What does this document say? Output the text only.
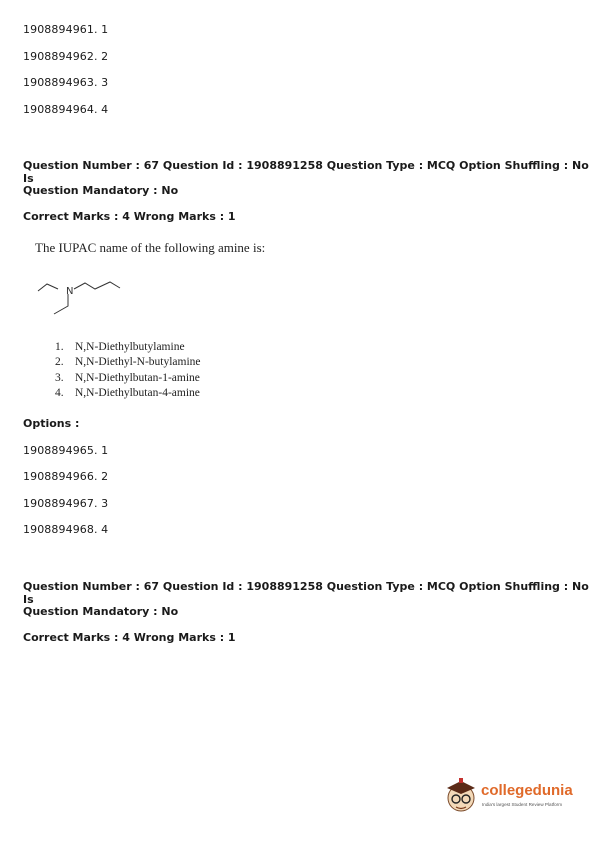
1908894961. 1
1908894962. 2
1908894963. 3
1908894964. 4
Question Number : 67 Question Id : 1908891258 Question Type : MCQ Option Shuffling : No Is
Question Mandatory : No
Correct Marks : 4 Wrong Marks : 1
The IUPAC name of the following amine is:
N
1. N,N-Diethylbutylamine
2. N,N-Diethyl-N-butylamine
3. N,N-Diethylbutan-1-amine
4. N,N-Diethylbutan-4-amine
Options :
1908894965. 1
1908894966. 2
1908894967. 3
1908894968. 4
Question Number : 67 Question Id : 1908891258 Question Type : MCQ Option Shuffling : No Is
Question Mandatory : No
Correct Marks : 4 Wrong Marks : 1
collegedunia
India's largest Student Review Platform
